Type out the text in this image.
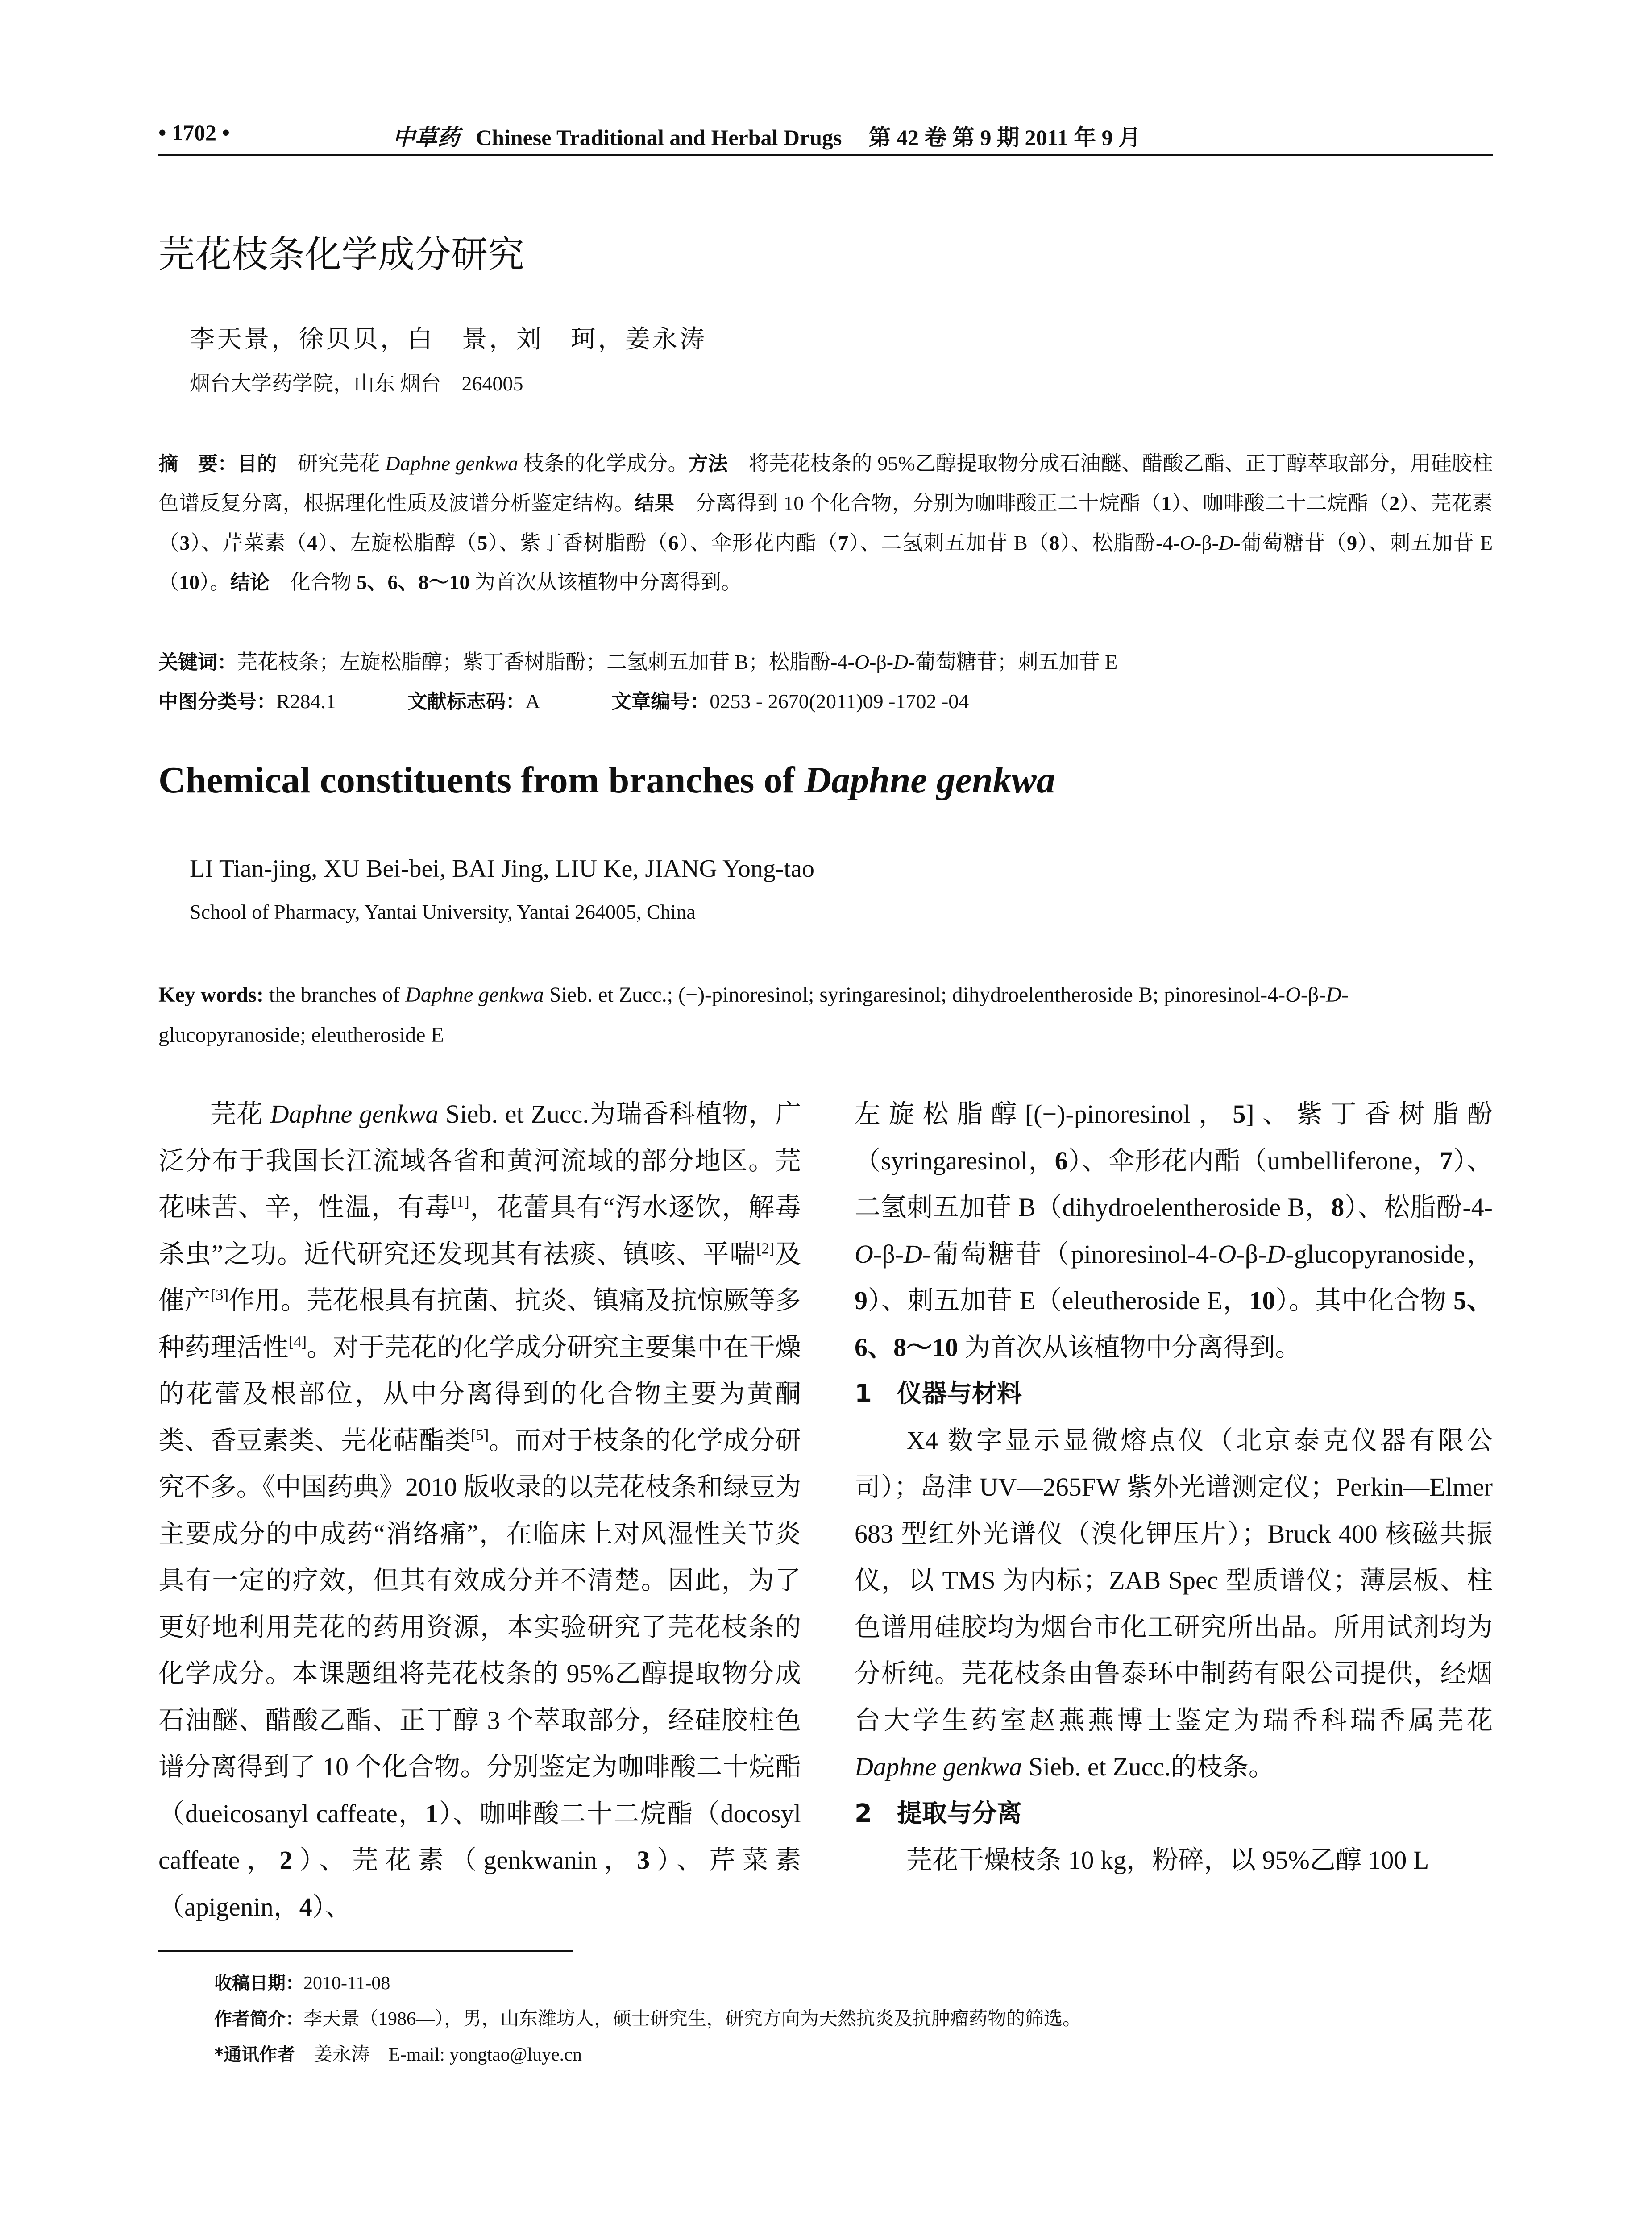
• 1702 •	中草药 Chinese Traditional and Herbal Drugs 第 42 卷 第 9 期 2011 年 9 月
芫花枝条化学成分研究
李天景，徐贝贝，白　景，刘　珂，姜永涛
烟台大学药学院，山东 烟台　264005
摘　要：目的　研究芫花 Daphne genkwa 枝条的化学成分。方法　将芫花枝条的 95%乙醇提取物分成石油醚、醋酸乙酯、正丁醇萃取部分，用硅胶柱色谱反复分离，根据理化性质及波谱分析鉴定结构。结果　分离得到 10 个化合物，分别为咖啡酸正二十烷酯（1）、咖啡酸二十二烷酯（2）、芫花素（3）、芹菜素（4）、左旋松脂醇（5）、紫丁香树脂酚（6）、伞形花内酯（7）、二氢刺五加苷 B（8）、松脂酚-4-O-β-D-葡萄糖苷（9）、刺五加苷 E（10）。结论　化合物 5、6、8～10 为首次从该植物中分离得到。
关键词：芫花枝条；左旋松脂醇；紫丁香树脂酚；二氢刺五加苷 B；松脂酚-4-O-β-D-葡萄糖苷；刺五加苷 E
中图分类号：R284.1	文献标志码：A	文章编号：0253 - 2670(2011)09 -1702 -04
Chemical constituents from branches of Daphne genkwa
LI Tian-jing, XU Bei-bei, BAI Jing, LIU Ke, JIANG Yong-tao
School of Pharmacy, Yantai University, Yantai 264005, China
Key words: the branches of Daphne genkwa Sieb. et Zucc.; (−)-pinoresinol; syringaresinol; dihydroelentheroside B; pinoresinol-4-O-β-D-glucopyranoside; eleutheroside E

芫花 Daphne genkwa Sieb. et Zucc.为瑞香科植物，广泛分布于我国长江流域各省和黄河流域的部分地区。芫花味苦、辛，性温，有毒[1]，花蕾具有“泻水逐饮，解毒杀虫”之功。近代研究还发现其有祛痰、镇咳、平喘[2]及催产[3]作用。芫花根具有抗菌、抗炎、镇痛及抗惊厥等多种药理活性[4]。对于芫花的化学成分研究主要集中在干燥的花蕾及根部位，从中分离得到的化合物主要为黄酮类、香豆素类、芫花萜酯类[5]。而对于枝条的化学成分研究不多。《中国药典》2010 版收录的以芫花枝条和绿豆为主要成分的中成药“消络痛”，在临床上对风湿性关节炎具有一定的疗效，但其有效成分并不清楚。因此，为了更好地利用芫花的药用资源，本实验研究了芫花枝条的化学成分。本课题组将芫花枝条的 95%乙醇提取物分成石油醚、醋酸乙酯、正丁醇 3 个萃取部分，经硅胶柱色谱分离得到了 10 个化合物。分别鉴定为咖啡酸二十烷酯（dueicosanyl caffeate，1）、咖啡酸二十二烷酯（docosyl caffeate，2）、芫花素（genkwanin，3）、芹菜素（apigenin，4）、

左旋松脂醇[(−)-pinoresinol，5]、紫丁香树脂酚（syringaresinol，6）、伞形花内酯（umbelliferone，7）、二氢刺五加苷 B（dihydroelentheroside B，8）、松脂酚-4-O-β-D-葡萄糖苷（pinoresinol-4-O-β-D-glucopyranoside，9）、刺五加苷 E（eleutheroside E，10）。其中化合物 5、6、8～10 为首次从该植物中分离得到。

1　仪器与材料

X4 数字显示显微熔点仪（北京泰克仪器有限公司）；岛津 UV—265FW 紫外光谱测定仪；Perkin—Elmer 683 型红外光谱仪（溴化钾压片）；Bruck 400 核磁共振仪，以 TMS 为内标；ZAB Spec 型质谱仪；薄层板、柱色谱用硅胶均为烟台市化工研究所出品。所用试剂均为分析纯。芫花枝条由鲁泰环中制药有限公司提供，经烟台大学生药室赵燕燕博士鉴定为瑞香科瑞香属芫花 Daphne genkwa Sieb. et Zucc.的枝条。

2　提取与分离

芫花干燥枝条 10 kg，粉碎，以 95%乙醇 100 L

收稿日期：2010-11-08
作者简介：李天景（1986—），男，山东潍坊人，硕士研究生，研究方向为天然抗炎及抗肿瘤药物的筛选。
*通讯作者　姜永涛　E-mail: yongtao@luye.cn
